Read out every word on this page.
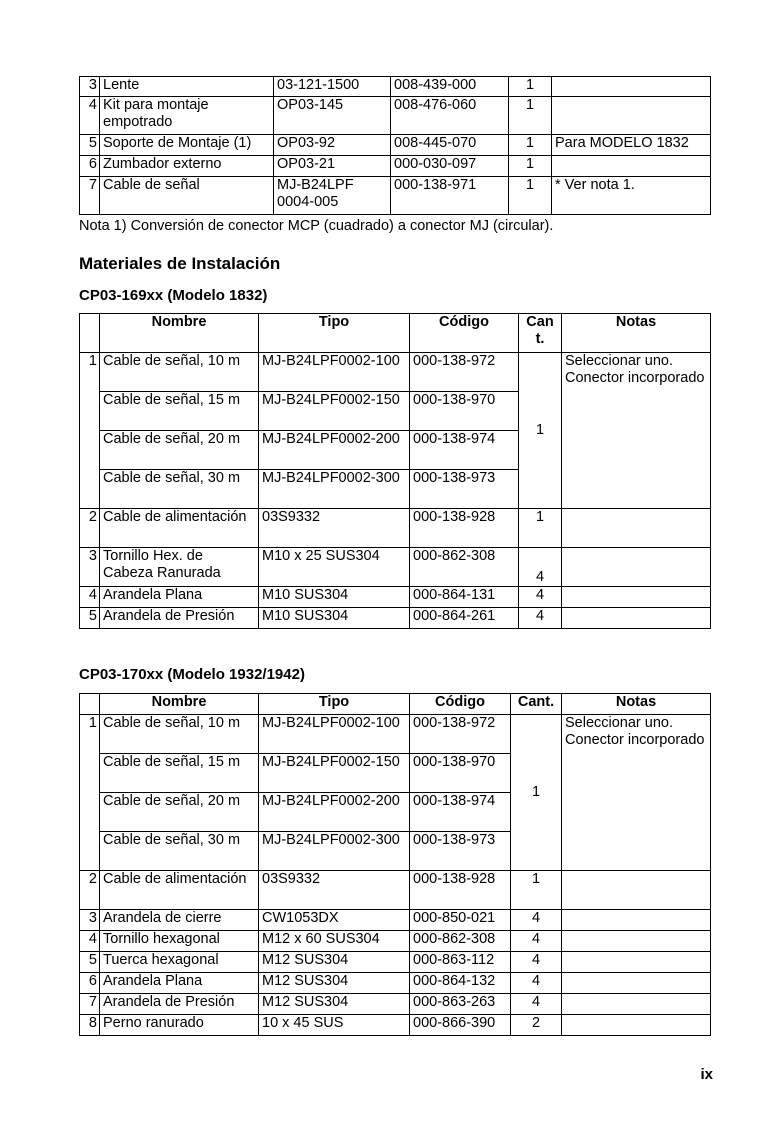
3	Lente	03-121-1500	008-439-000	1	
4	Kit para montaje empotrado	OP03-145	008-476-060	1	
5	Soporte de Montaje (1)	OP03-92	008-445-070	1	Para MODELO 1832
6	Zumbador externo	OP03-21	000-030-097	1	
7	Cable de señal	MJ-B24LPF 0004-005	000-138-971	1	* Ver nota 1.
Nota 1) Conversión de conector MCP (cuadrado) a conector MJ (circular).
Materiales de Instalación
CP03-169xx (Modelo 1832)
	Nombre	Tipo	Código	Can t.	Notas
1	Cable de señal, 10 m	MJ-B24LPF0002-100	000-138-972	1	Seleccionar uno. Conector incorporado
	Cable de señal, 15 m	MJ-B24LPF0002-150	000-138-970		
	Cable de señal, 20 m	MJ-B24LPF0002-200	000-138-974		
	Cable de señal, 30 m	MJ-B24LPF0002-300	000-138-973		
2	Cable de alimentación	03S9332	000-138-928	1	
3	Tornillo Hex. de Cabeza Ranurada	M10 x 25 SUS304	000-862-308	4	
4	Arandela Plana	M10 SUS304	000-864-131	4	
5	Arandela de Presión	M10 SUS304	000-864-261	4	
CP03-170xx (Modelo 1932/1942)
	Nombre	Tipo	Código	Cant.	Notas
1	Cable de señal, 10 m	MJ-B24LPF0002-100	000-138-972	1	Seleccionar uno. Conector incorporado
	Cable de señal, 15 m	MJ-B24LPF0002-150	000-138-970		
	Cable de señal, 20 m	MJ-B24LPF0002-200	000-138-974		
	Cable de señal, 30 m	MJ-B24LPF0002-300	000-138-973		
2	Cable de alimentación	03S9332	000-138-928	1	
3	Arandela de cierre	CW1053DX	000-850-021	4	
4	Tornillo hexagonal	M12 x 60 SUS304	000-862-308	4	
5	Tuerca hexagonal	M12 SUS304	000-863-112	4	
6	Arandela Plana	M12 SUS304	000-864-132	4	
7	Arandela de Presión	M12 SUS304	000-863-263	4	
8	Perno ranurado	10 x 45 SUS	000-866-390	2	
ix
